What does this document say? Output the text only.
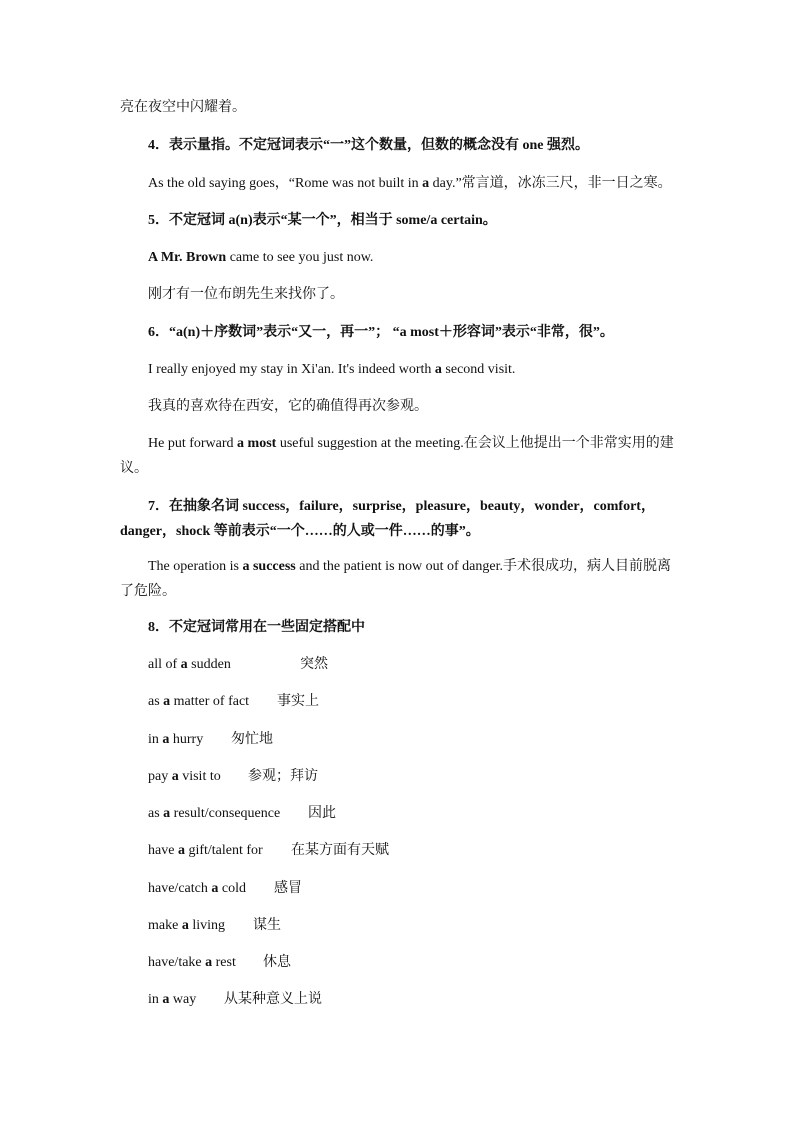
亮在夜空中闪耀着。
4．表示量指。不定冠词表示“一”这个数量，但数的概念没有 one 强烈。
As the old saying goes，“Rome was not built in a day.”常言道，冰冻三尺，非一日之寒。
5．不定冠词 a(n)表示“某一个”，相当于 some/a certain。
A Mr. Brown came to see you just now.
刚才有一位布朗先生来找你了。
6．“a(n)＋序数词”表示“又一，再一”； “a most＋形容词”表示“非常，很”。
I really enjoyed my stay in Xi'an. It's indeed worth a second visit.
我真的喜欢待在西安，它的确值得再次参观。
He put forward a most useful suggestion at the meeting.在会议上他提出一个非常实用的建议。
7．在抽象名词 success，failure，surprise，pleasure，beauty，wonder，comfort，danger，shock 等前表示“一个……的人或一件……的事”。
The operation is a success and the patient is now out of danger.手术很成功，病人目前脱离了危险。
8．不定冠词常用在一些固定搭配中
all of a sudden	突然
as a matter of fact 事实上
in a hurry 匆忙地
pay a visit to 参观；拜访
as a result/consequence 因此
have a gift/talent for 在某方面有天赋
have/catch a cold 感冒
make a living 谋生
have/take a rest 休息
in a way 从某种意义上说
